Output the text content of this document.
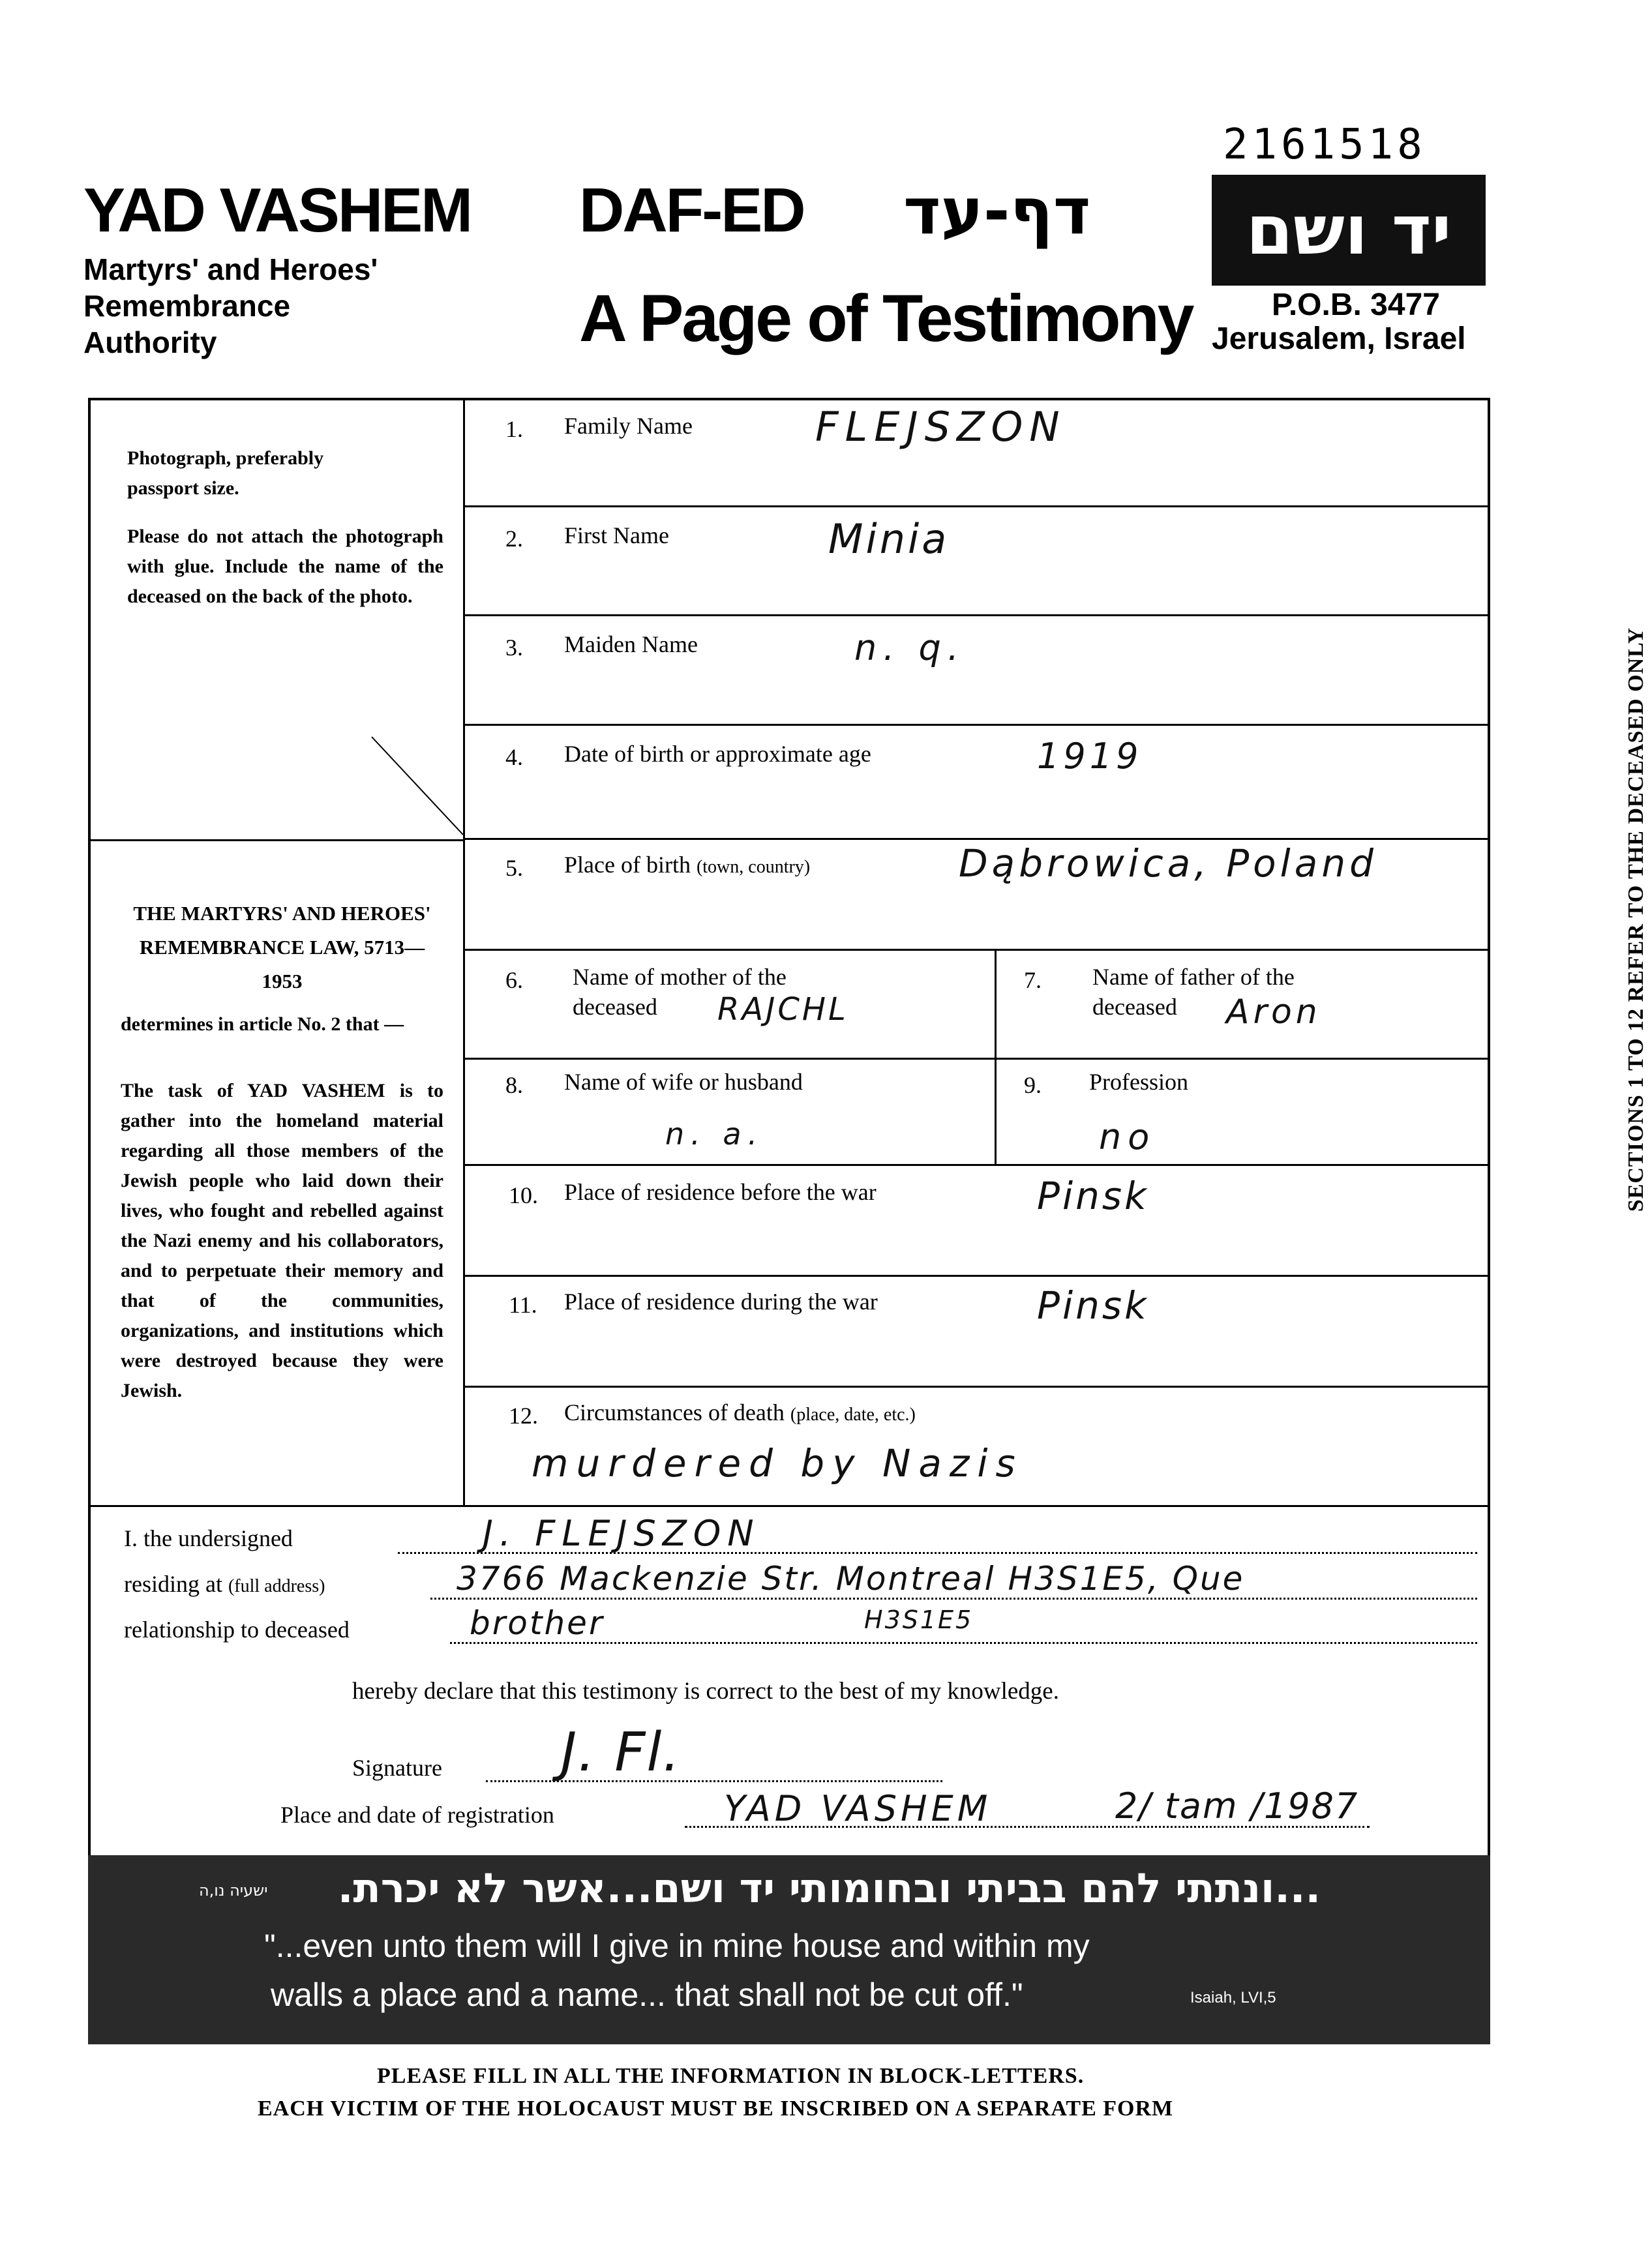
2161518
YAD VASHEM
Martyrs' and Heroes'
Remembrance
Authority
DAF-ED דף-עד
A Page of Testimony
יד ושם
P.O.B. 3477
Jerusalem, Israel
Photograph, preferably
passport size.
Please do not attach the photograph with glue. Include the name of the deceased on the back of the photo.
THE MARTYRS' AND HEROES' REMEMBRANCE LAW, 5713—1953
determines in article No. 2 that —
The task of YAD VASHEM is to gather into the homeland material regarding all those members of the Jewish people who laid down their lives, who fought and rebelled against the Nazi enemy and his collaborators, and to perpetuate their memory and that of the communities, organizations, and institutions which were destroyed because they were Jewish.
1. Family Name	FLEJSZON
2. First Name	Minia
3. Maiden Name	n. q.
4. Date of birth or approximate age	1919
5. Place of birth (town, country)	Dąbrowica, Poland
6. Name of mother of the
deceased	RAJCHL
7. Name of father of the
deceased	Aron
8. Name of wife or husband
n. a.
9. Profession
no
10. Place of residence before the war	Pinsk
11. Place of residence during the war	Pinsk
12. Circumstances of death (place, date, etc.)
murdered by Nazis
SECTIONS 1 TO 12 REFER TO THE DECEASED ONLY
I. the undersigned	J. FLEJSZON
residing at (full address)	3766 Mackenzie Str. Montreal H3S1E5, Que
relationship to deceased	brother	H3S1E5
hereby declare that this testimony is correct to the best of my knowledge.
Signature J. Fl.
Place and date of registration	YAD VASHEM	2/ tam /1987
...ונתתי להם בביתי ובחומותי יד ושם...אשר לא יכרת.
ישעיה נו,ה
"...even unto them will I give in mine house and within my
walls a place and a name... that shall not be cut off."	Isaiah, LVI,5
PLEASE FILL IN ALL THE INFORMATION IN BLOCK-LETTERS.
EACH VICTIM OF THE HOLOCAUST MUST BE INSCRIBED ON A SEPARATE FORM
